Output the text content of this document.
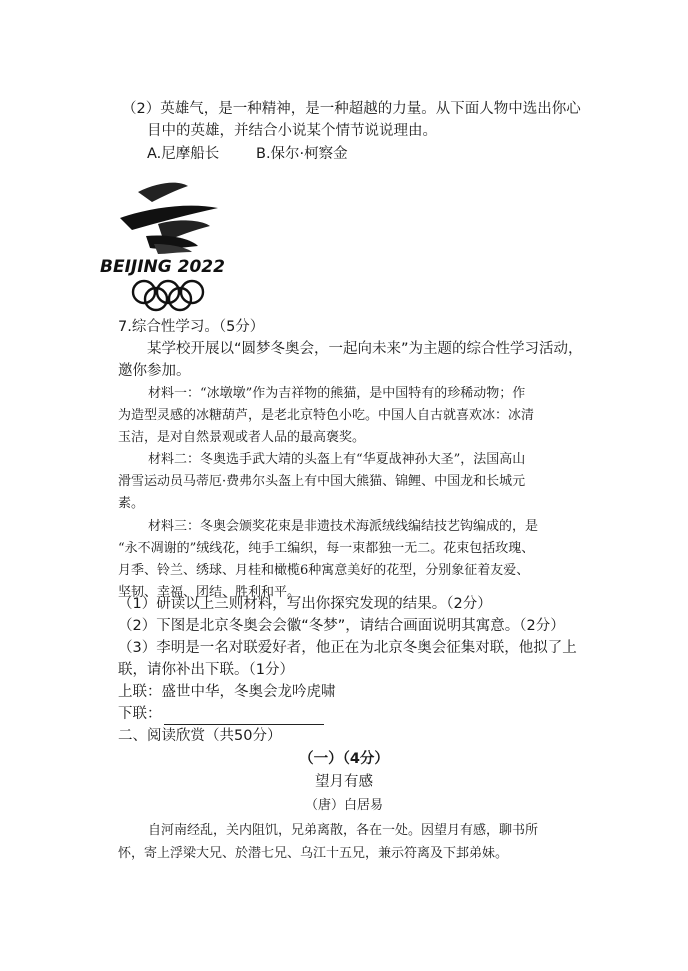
（2）英雄气，是一种精神，是一种超越的力量。从下面人物中选出你心
目中的英雄，并结合小说某个情节说说理由。
A.尼摩船长	B.保尔·柯察金
BEIJING 2022
7.综合性学习。（5分）
某学校开展以“圆梦冬奥会，一起向未来”为主题的综合性学习活动，
邀你参加。
材料一：“冰墩墩”作为吉祥物的熊猫，是中国特有的珍稀动物；作
为造型灵感的冰糖葫芦，是老北京特色小吃。中国人自古就喜欢冰：冰清
玉洁，是对自然景观或者人品的最高褒奖。
材料二：冬奥选手武大靖的头盔上有“华夏战神孙大圣”，法国高山
滑雪运动员马蒂厄·费弗尔头盔上有中国大熊猫、锦鲤、中国龙和长城元
素。
材料三：冬奥会颁奖花束是非遗技术海派绒线编结技艺钩编成的，是
“永不凋谢的”绒线花，纯手工编织，每一束都独一无二。花束包括玫瑰、
月季、铃兰、绣球、月桂和橄榄6种寓意美好的花型，分别象征着友爱、
坚韧、幸福、团结、胜利和平。
（1）研读以上三则材料，写出你探究发现的结果。（2分）
（2）下图是北京冬奥会会徽“冬梦”，请结合画面说明其寓意。（2分）
（3）李明是一名对联爱好者，他正在为北京冬奥会征集对联，他拟了上
联，请你补出下联。（1分）
上联：盛世中华，冬奥会龙吟虎啸
下联：
二、阅读欣赏（共50分）
（一）（4分）
望月有感
（唐）白居易
自河南经乱，关内阻饥，兄弟离散，各在一处。因望月有感，聊书所
怀，寄上浮梁大兄、於潜七兄、乌江十五兄，兼示符离及下邽弟妹。
